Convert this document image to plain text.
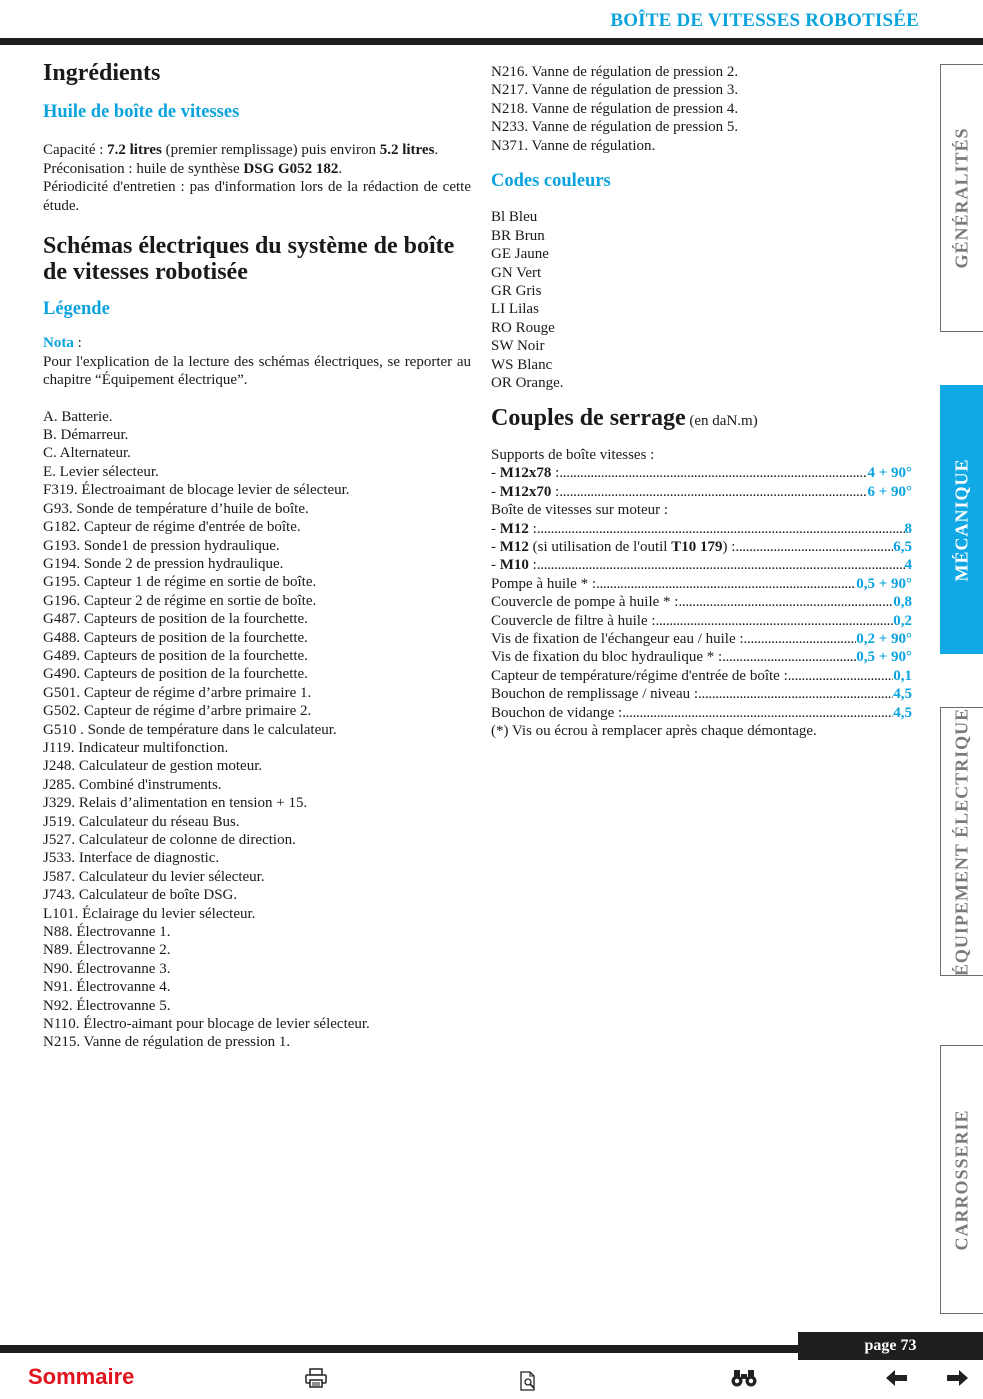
BOÎTE DE VITESSES ROBOTISÉE
Ingrédients
Huile de boîte de vitesses

Capacité : 7.2 litres (premier remplissage) puis environ 5.2 litres.

Préconisation : huile de synthèse DSG G052 182.

Périodicité d'entretien : pas d'information lors de la rédaction de cette étude.

Schémas électriques du système de boîte de vitesses robotisée
Légende

Nota :

Pour l'explication de la lecture des schémas électriques, se reporter au chapitre “Équipement électrique”.

A. Batterie.
B. Démarreur.
C. Alternateur.
E. Levier sélecteur.
F319. Électroaimant de blocage levier de sélecteur.
G93. Sonde de température d’huile de boîte.
G182. Capteur de régime d'entrée de boîte.
G193. Sonde1 de pression hydraulique.
G194. Sonde 2 de pression hydraulique.
G195. Capteur 1 de régime en sortie de boîte.
G196. Capteur 2 de régime en sortie de boîte.
G487. Capteurs de position de la fourchette.
G488. Capteurs de position de la fourchette.
G489. Capteurs de position de la fourchette.
G490. Capteurs de position de la fourchette.
G501. Capteur de régime d’arbre primaire 1.
G502. Capteur de régime d’arbre primaire 2.
G510 . Sonde de température dans le calculateur.
J119. Indicateur multifonction.
J248. Calculateur de gestion moteur.
J285. Combiné d'instruments.
J329. Relais d’alimentation en tension + 15.
J519. Calculateur du réseau Bus.
J527. Calculateur de colonne de direction.
J533. Interface de diagnostic.
J587. Calculateur du levier sélecteur.
J743. Calculateur de boîte DSG.
L101. Éclairage du levier sélecteur.
N88. Électrovanne 1.
N89. Électrovanne 2.
N90. Électrovanne 3.
N91. Électrovanne 4.
N92. Électrovanne 5.
N110. Électro-aimant pour blocage de levier sélecteur.
N215. Vanne de régulation de pression 1.
N216. Vanne de régulation de pression 2.
N217. Vanne de régulation de pression 3.
N218. Vanne de régulation de pression 4.
N233. Vanne de régulation de pression 5.
N371. Vanne de régulation.
Codes couleurs
Bl Bleu
BR Brun
GE Jaune
GN Vert
GR Gris
LI Lilas
RO Rouge
SW Noir
WS Blanc
OR Orange.
Couples de serrage (en daN.m)

Supports de boîte vitesses :

- M12x78 : .....	4 + 90°
- M12x70 : .....	6 + 90°

Boîte de vitesses sur moteur :

- M12 : .....	8
- M12 (si utilisation de l'outil T10 179) : .....	6,5
- M10 : .....	4
Pompe à huile * : .....	0,5 + 90°
Couvercle de pompe à huile * : .....	0,8
Couvercle de filtre à huile : .....	0,2
Vis de fixation de l'échangeur eau / huile : .....	0,2 + 90°
Vis de fixation du bloc hydraulique * : .....	0,5 + 90°
Capteur de température/régime d'entrée de boîte : .....	0,1
Bouchon de remplissage / niveau : .....	4,5
Bouchon de vidange : .....	4,5

(*) Vis ou écrou à remplacer après chaque démontage.

GÉNÉRALITÉS
MÉCANIQUE
ÉQUIPEMENT ÉLECTRIQUE
CARROSSERIE
page 73
Sommaire
